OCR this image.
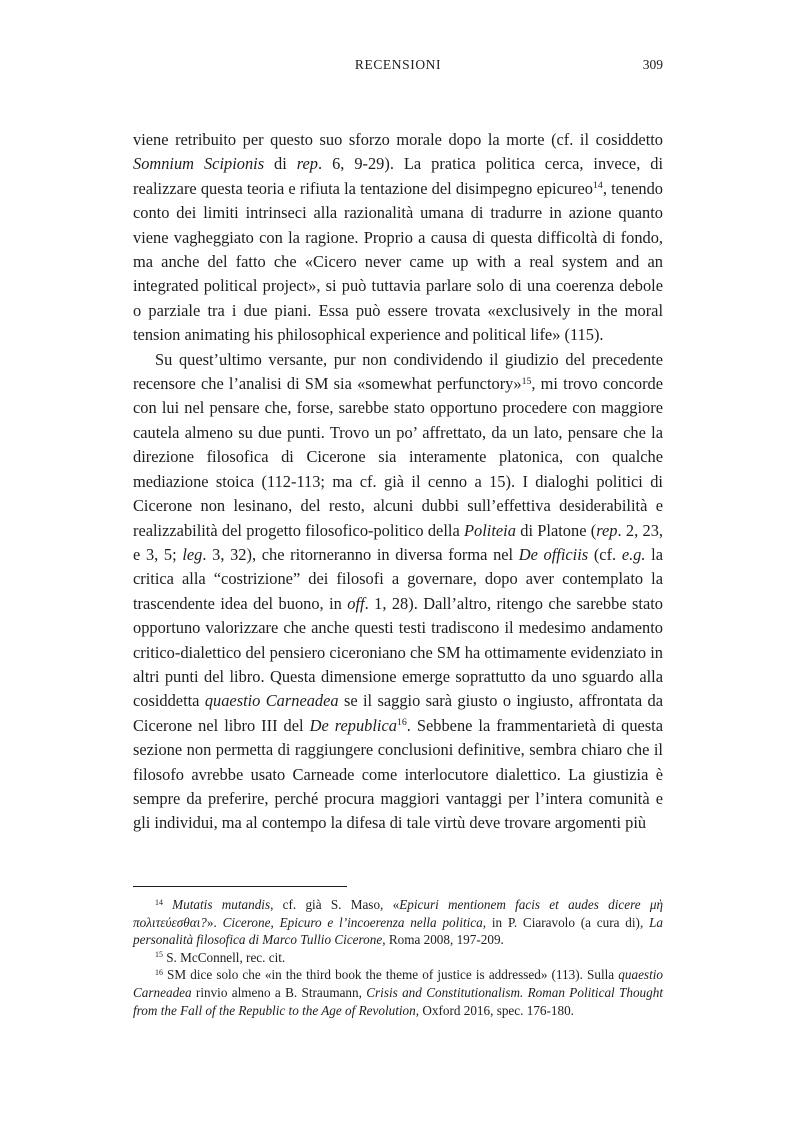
RECENSIONI	309

viene retribuito per questo suo sforzo morale dopo la morte (cf. il cosiddetto Somnium Scipionis di rep. 6, 9-29). La pratica politica cerca, invece, di realizzare questa teoria e rifiuta la tentazione del disimpegno epicureo$^{14}$, tenendo conto dei limiti intrinseci alla razionalità umana di tradurre in azione quanto viene vagheggiato con la ragione. Proprio a causa di questa difficoltà di fondo, ma anche del fatto che «Cicero never came up with a real system and an integrated political project», si può tuttavia parlare solo di una coerenza debole o parziale tra i due piani. Essa può essere trovata «exclusively in the moral tension animating his philosophical experience and political life» (115).

Su quest’ultimo versante, pur non condividendo il giudizio del precedente recensore che l’analisi di SM sia «somewhat perfunctory»$^{15}$, mi trovo concorde con lui nel pensare che, forse, sarebbe stato opportuno procedere con maggiore cautela almeno su due punti. Trovo un po’ affrettato, da un lato, pensare che la direzione filosofica di Cicerone sia interamente platonica, con qualche mediazione stoica (112-113; ma cf. già il cenno a 15). I dialoghi politici di Cicerone non lesinano, del resto, alcuni dubbi sull’effettiva desiderabilità e realizzabilità del progetto filosofico-politico della Politeia di Platone (rep. 2, 23, e 3, 5; leg. 3, 32), che ritorneranno in diversa forma nel De officiis (cf. e.g. la critica alla “costrizione” dei filosofi a governare, dopo aver contemplato la trascendente idea del buono, in off. 1, 28). Dall’altro, ritengo che sarebbe stato opportuno valorizzare che anche questi testi tradiscono il medesimo andamento critico-dialettico del pensiero ciceroniano che SM ha ottimamente evidenziato in altri punti del libro. Questa dimensione emerge soprattutto da uno sguardo alla cosiddetta quaestio Carneadea se il saggio sarà giusto o ingiusto, affrontata da Cicerone nel libro III del De republica$^{16}$. Sebbene la frammentarietà di questa sezione non permetta di raggiungere conclusioni definitive, sembra chiaro che il filosofo avrebbe usato Carneade come interlocutore dialettico. La giustizia è sempre da preferire, perché procura maggiori vantaggi per l’intera comunità e gli individui, ma al contempo la difesa di tale virtù deve trovare argomenti più

$^{14}$ Mutatis mutandis, cf. già S. Maso, «Epicuri mentionem facis et audes dicere μὴ πολιτεύεσθαι?». Cicerone, Epicuro e l’incoerenza nella politica, in P. Ciaravolo (a cura di), La personalità filosofica di Marco Tullio Cicerone, Roma 2008, 197-209.

$^{15}$ S. McConnell, rec. cit.

$^{16}$ SM dice solo che «in the third book the theme of justice is addressed» (113). Sulla quaestio Carneadea rinvio almeno a B. Straumann, Crisis and Constitutionalism. Roman Political Thought from the Fall of the Republic to the Age of Revolution, Oxford 2016, spec. 176-180.
